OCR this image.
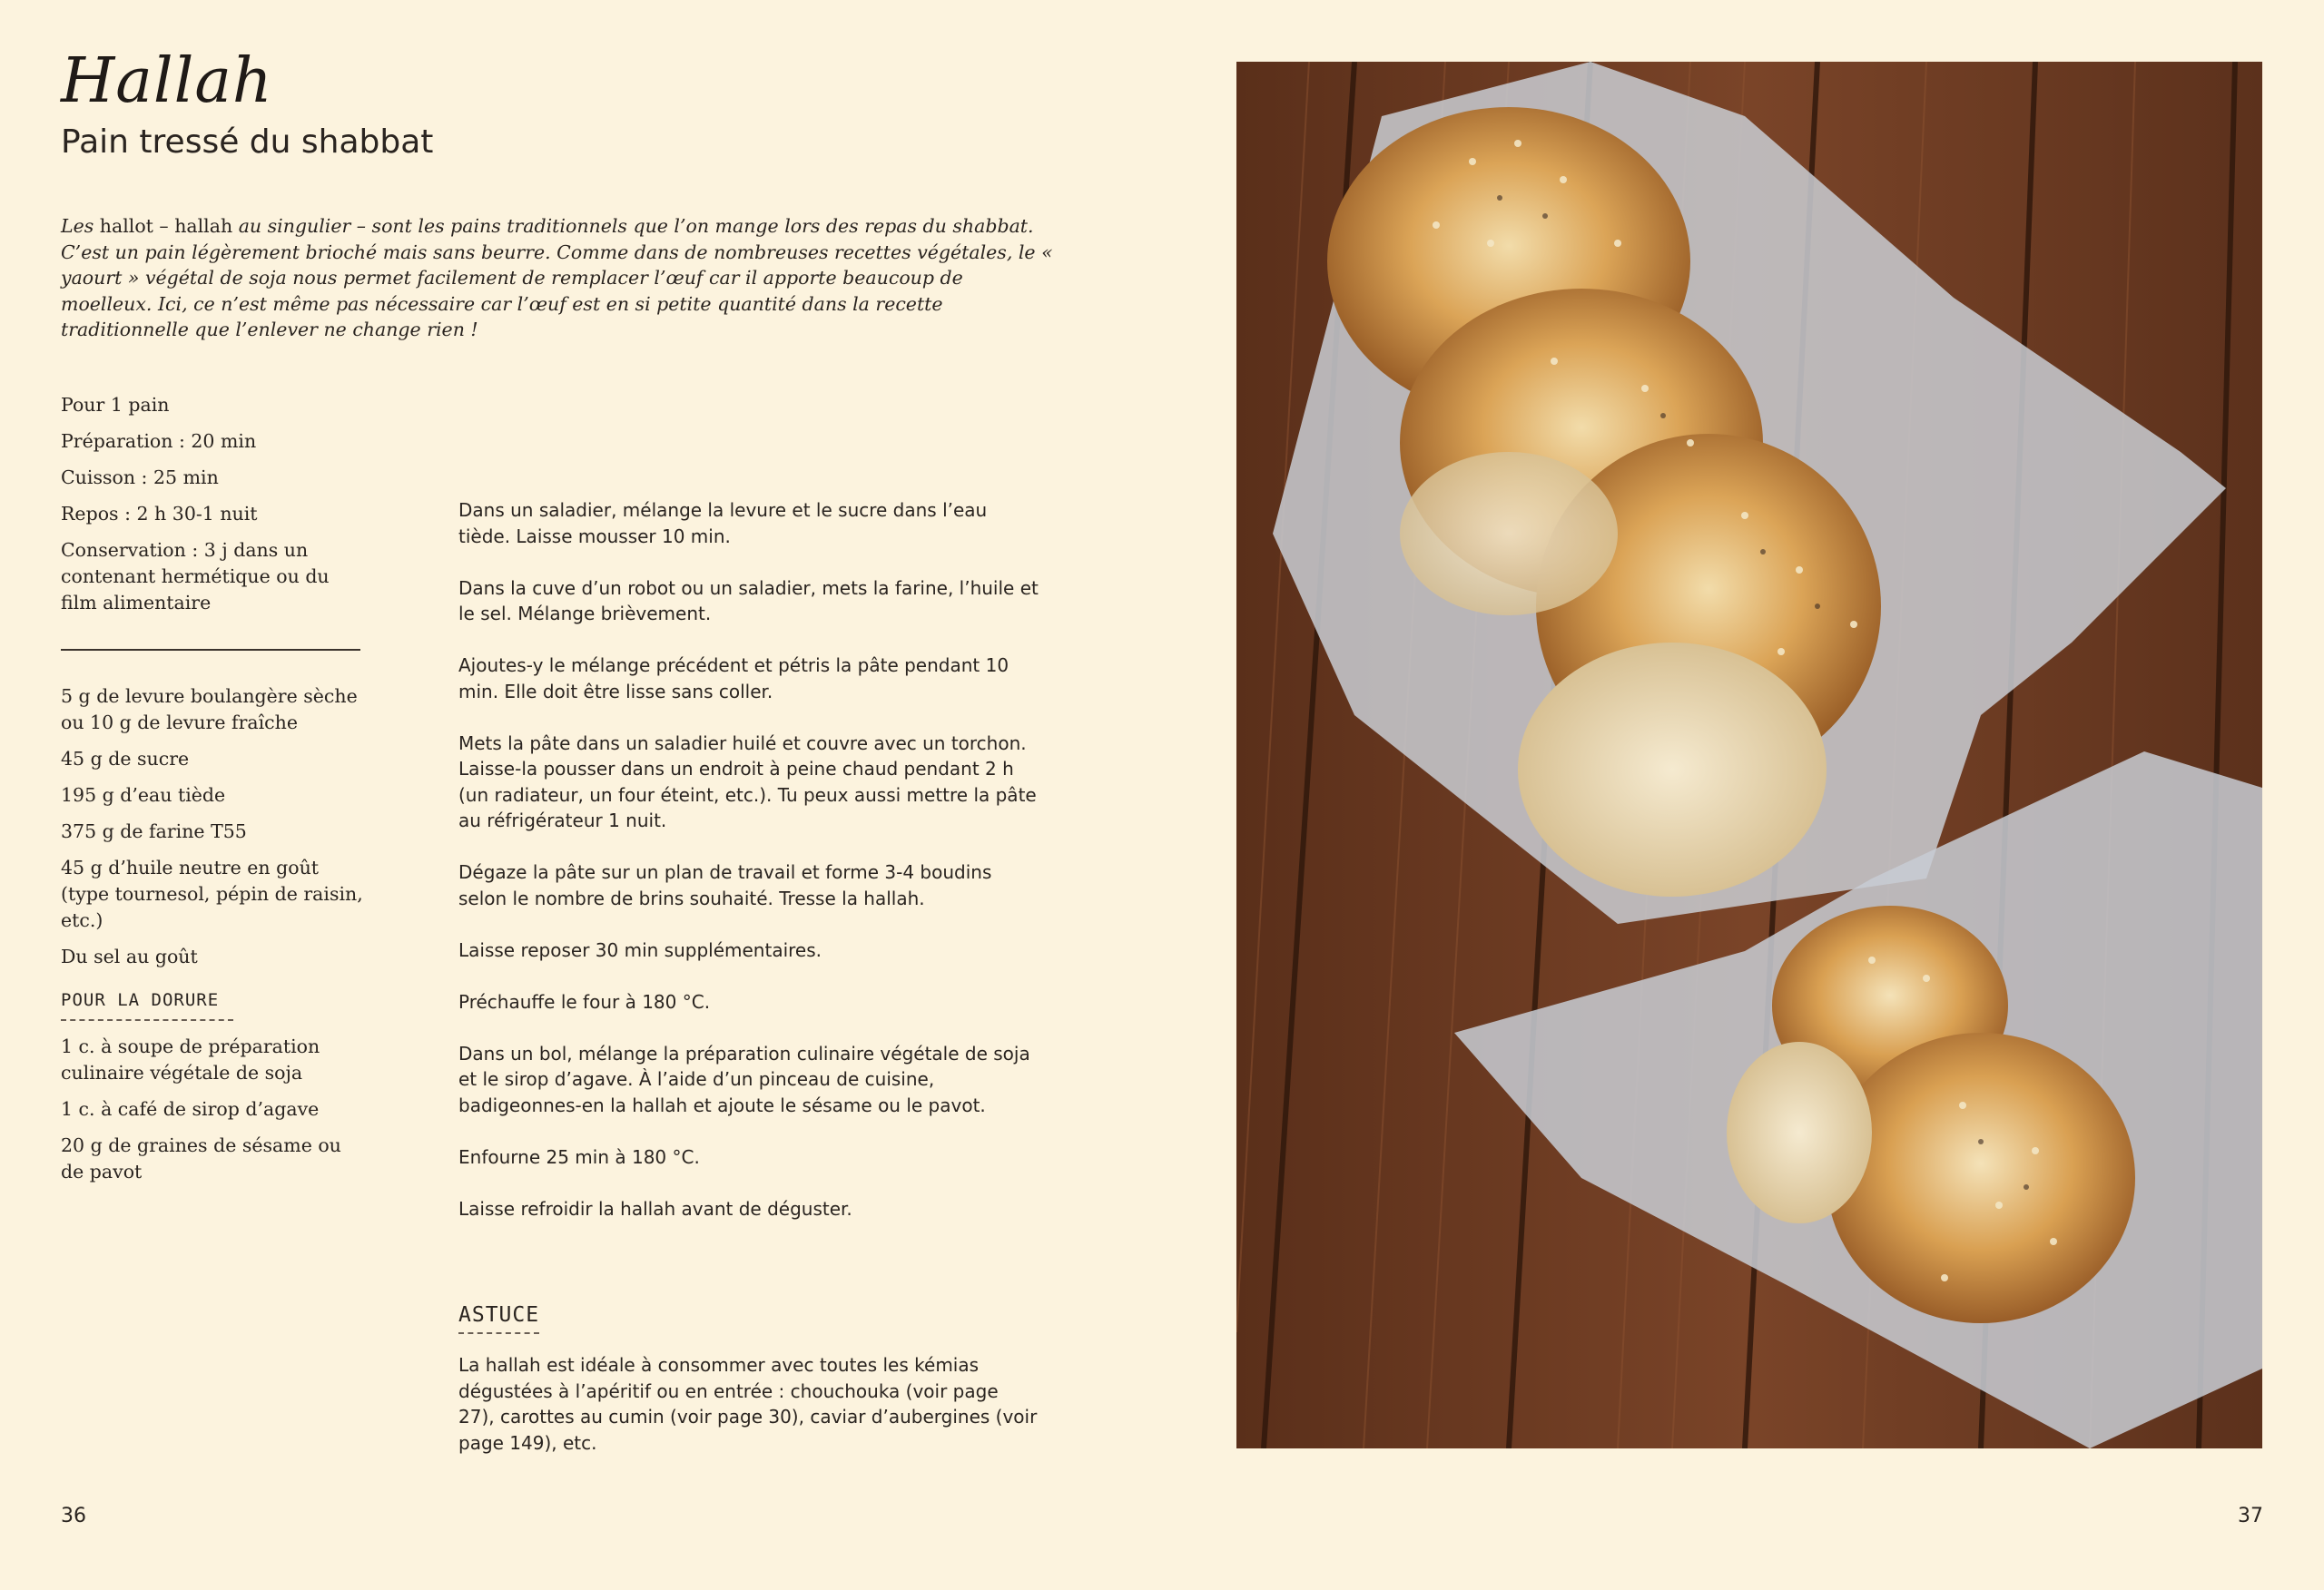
Hallah
Pain tressé du shabbat

Les hallot – hallah au singulier – sont les pains traditionnels que l’on mange lors des repas du shabbat. C’est un pain légèrement brioché mais sans beurre. Comme dans de nombreuses recettes végétales, le « yaourt » végétal de soja nous permet facilement de remplacer l’œuf car il apporte beaucoup de moelleux. Ici, ce n’est même pas nécessaire car l’œuf est en si petite quantité dans la recette traditionnelle que l’enlever ne change rien !

Pour 1 pain
Préparation : 20 min
Cuisson : 25 min
Repos : 2 h 30-1 nuit
Conservation : 3 j dans un contenant hermétique ou du film alimentaire
5 g de levure boulangère sèche ou 10 g de levure fraîche
45 g de sucre
195 g d’eau tiède
375 g de farine T55
45 g d’huile neutre en goût (type tournesol, pépin de raisin, etc.)
Du sel au goût
POUR LA DORURE
1 c. à soupe de préparation culinaire végétale de soja
1 c. à café de sirop d’agave
20 g de graines de sésame ou de pavot

Dans un saladier, mélange la levure et le sucre dans l’eau tiède. Laisse mousser 10 min.

Dans la cuve d’un robot ou un saladier, mets la farine, l’huile et le sel. Mélange brièvement.

Ajoutes-y le mélange précédent et pétris la pâte pendant 10 min. Elle doit être lisse sans coller.

Mets la pâte dans un saladier huilé et couvre avec un torchon. Laisse-la pousser dans un endroit à peine chaud pendant 2 h (un radiateur, un four éteint, etc.). Tu peux aussi mettre la pâte au réfrigérateur 1 nuit.

Dégaze la pâte sur un plan de travail et forme 3-4 boudins selon le nombre de brins souhaité. Tresse la hallah.

Laisse reposer 30 min supplémentaires.

Préchauffe le four à 180 °C.

Dans un bol, mélange la préparation culinaire végétale de soja et le sirop d’agave. À l’aide d’un pinceau de cuisine, badigeonnes-en la hallah et ajoute le sésame ou le pavot.

Enfourne 25 min à 180 °C.

Laisse refroidir la hallah avant de déguster.

ASTUCE

La hallah est idéale à consommer avec toutes les kémias dégustées à l’apéritif ou en entrée : chouchouka (voir page 27), carottes au cumin (voir page 30), caviar d’aubergines (voir page 149), etc.

36	37
